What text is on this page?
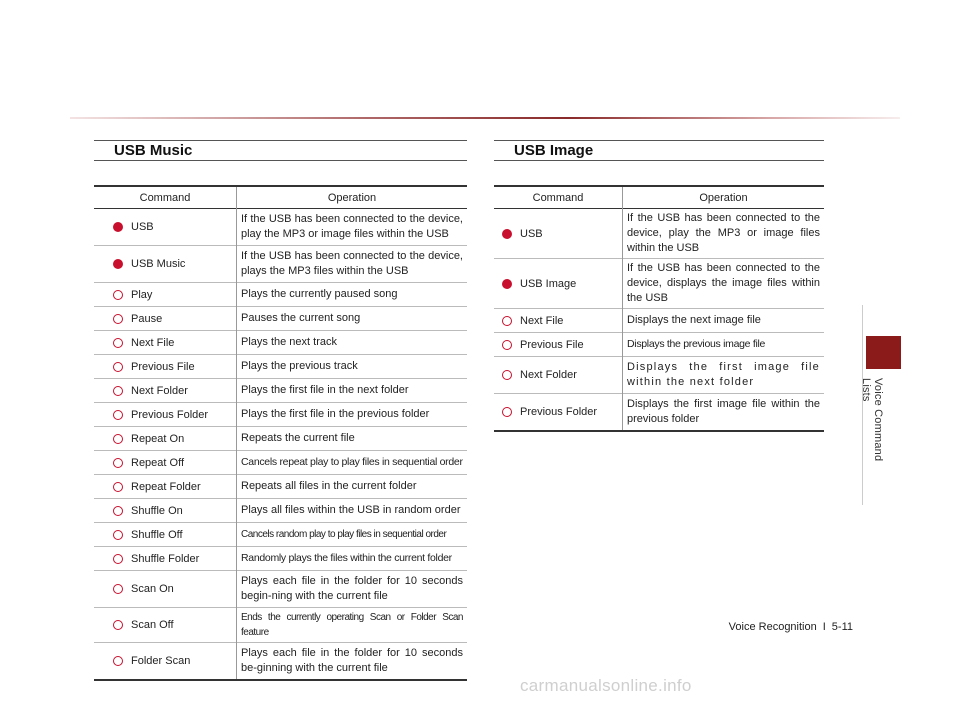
USB Music
Command	Operation

USB	If the USB has been connected to the device, play the MP3 or image files within the USB

USB Music	If the USB has been connected to the device, plays the MP3 files within the USB

Play	Plays the currently paused song

Pause	Pauses the current song

Next File	Plays the next track

Previous File	Plays the previous track

Next Folder	Plays the first file in the next folder

Previous Folder	Plays the first file in the previous folder

Repeat On	Repeats the current file

Repeat Off	Cancels repeat play to play files in sequential order

Repeat Folder	Repeats all files in the current folder

Shuffle On	Plays all files within the USB in random order

Shuffle Off	Cancels random play to play files in sequential order

Shuffle Folder	Randomly plays the files within the current folder

Scan On	Plays each file in the folder for 10 seconds begin-ning with the current file

Scan Off	Ends the currently operating Scan or Folder Scan feature

Folder Scan	Plays each file in the folder for 10 seconds be-ginning with the current file
USB Image
Command	Operation

USB	If the USB has been connected to the device, play the MP3 or image files within the USB

USB Image	If the USB has been connected to the device, displays the image files within the USB

Next File	Displays the next image file

Previous File	Displays the previous image file

Next Folder	Displays the first image file within the next folder

Previous Folder	Displays the first image file within the previous folder	Voice Command Lists
Voice Recognition I 5-11
carmanualsonline.info
